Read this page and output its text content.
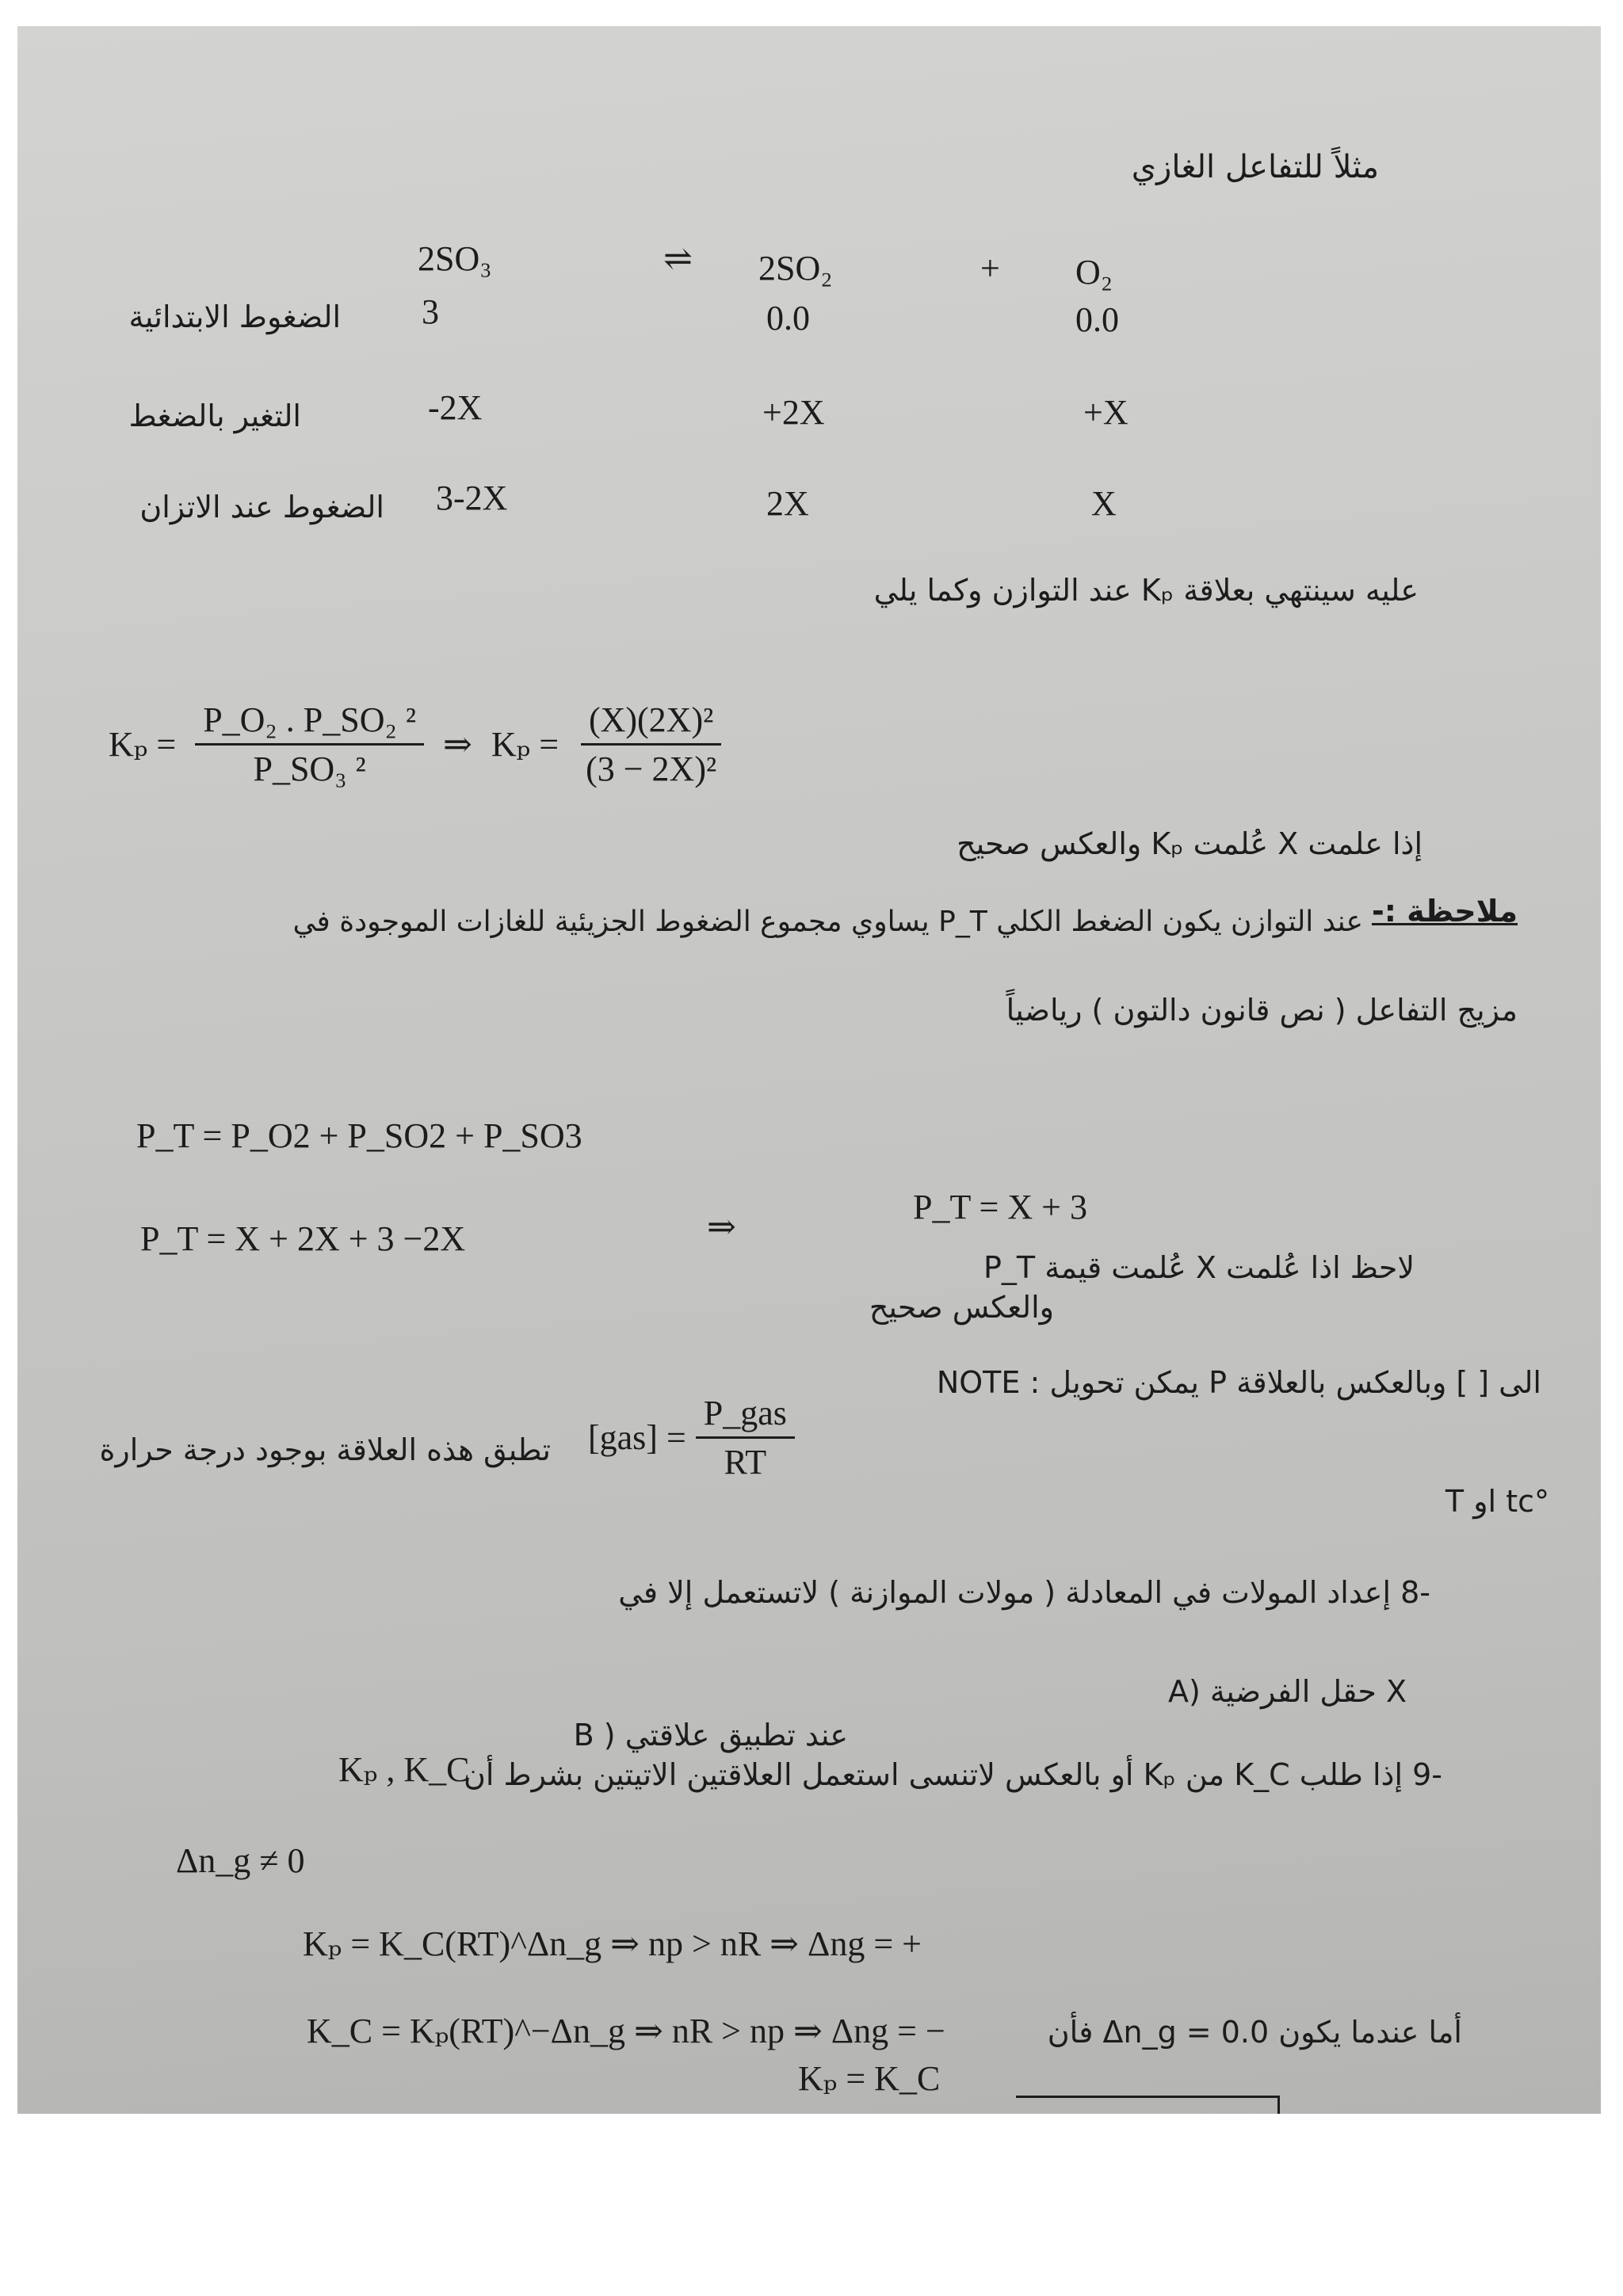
مثلاً للتفاعل الغازي
2SO₃	⇌ 2SO₂	+ O₂
الضغوط الابتدائية 3	0.0	0.0
التغير بالضغط	-2X	+2X	+X
الضغوط عند الاتزان 3-2X	2X	X
عليه سينتهي بعلاقة Kₚ عند التوازن وكما يلي
$K_p = \frac{\text{P\_O₂ . P\_SO₂ ²}}{\text{P\_SO₃ ²}}$ ⇒ $K_p = \frac{\text{(X)(2X)²}}{\text{(3 − 2X)²}}$
إذا علمت X عُلمت Kₚ والعكس صحيح
ملاحظة :-
عند التوازن يكون الضغط الكلي P_T يساوي مجموع الضغوط الجزيئية للغازات الموجودة في
مزيج التفاعل ( نص قانون دالتون ) رياضياً
P_T = P_O2 + P_SO2 + P_SO3
P_T = X + 2X + 3 −2X	⇒
P_T = X + 3
لاحظ اذا عُلمت X عُلمت قيمة P_T
والعكس صحيح
NOTE : يمكن تحويل P الى [ ] وبالعكس بالعلاقة
$[gas] = \frac{\text{P\_gas}}{RT}$
تطبق هذه العلاقة بوجود درجة حرارة
T او tc°
-8 إعداد المولات في المعادلة ( مولات الموازنة ) لاتستعمل إلا في
A) حقل الفرضية X
B ) عند تطبيق علاقتي
Kₚ , K_C
-9 إذا طلب K_C من Kₚ أو بالعكس لاتنسى استعمل العلاقتين الاتيتين بشرط أن
Δn_g ≠ 0
Kₚ = K_C(RT)^Δn_g ⇒ np > nR ⇒ Δng = +
K_C = Kₚ(RT)^−Δn_g ⇒ nR > np ⇒ Δng = −	أما عندما يكون Δn_g = 0.0 فأن
Kₚ = K_C
